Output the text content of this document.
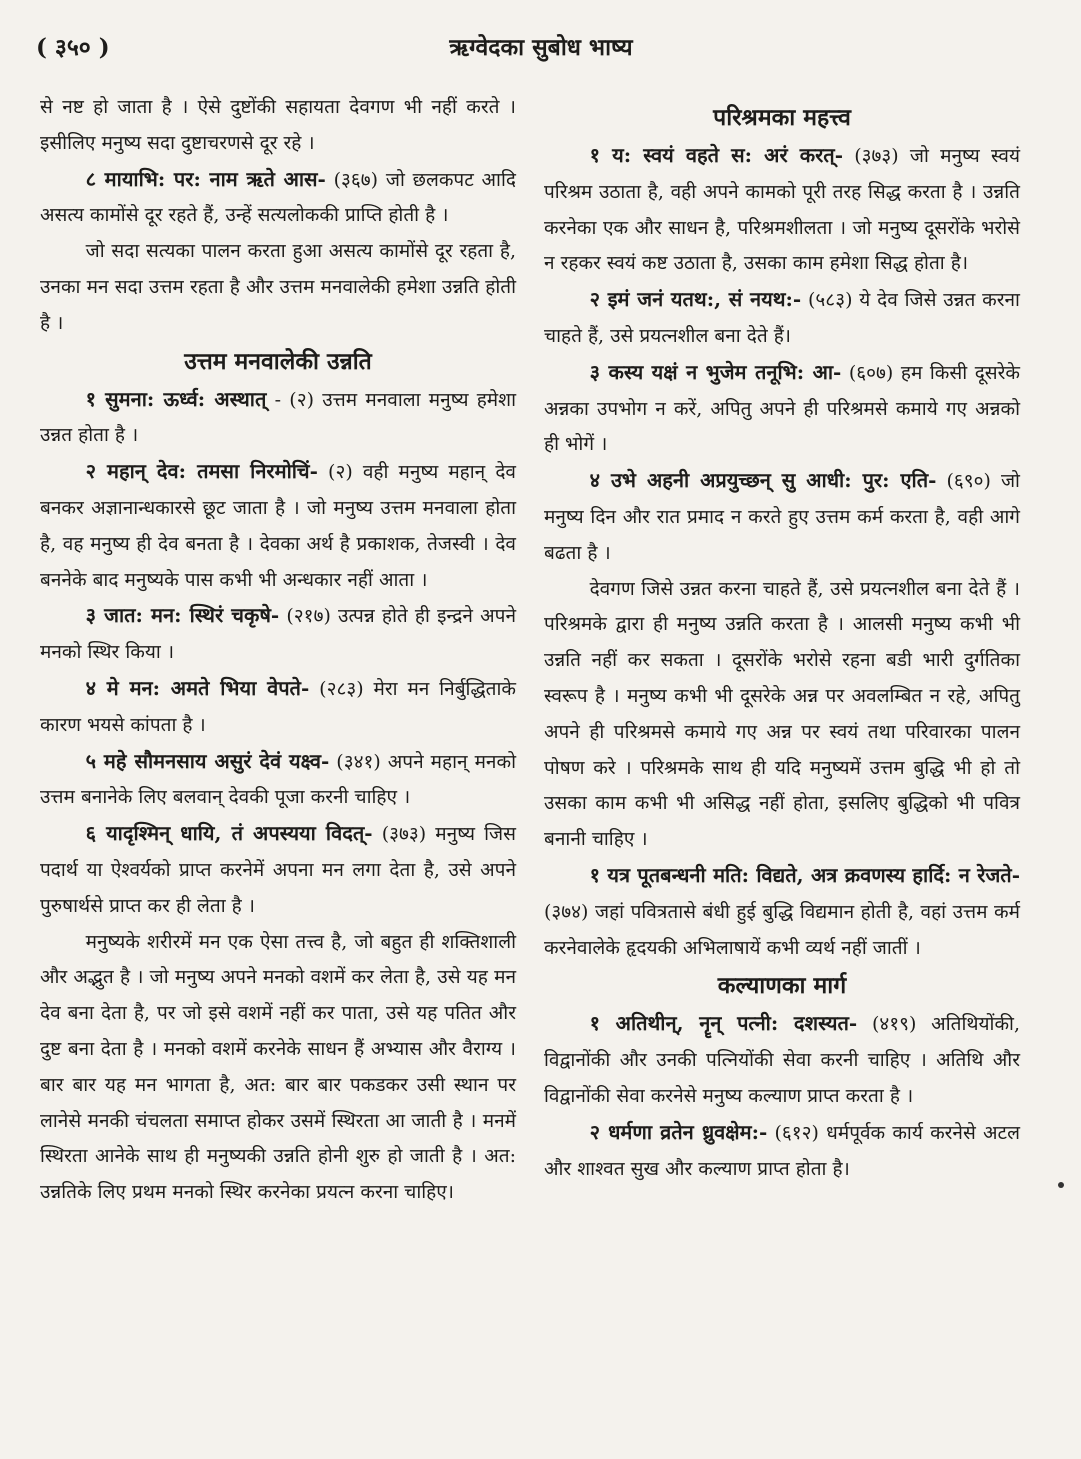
( ३५० )	ऋग्वेदका सुबोध भाष्य

से नष्ट हो जाता है । ऐसे दुष्टोंकी सहायता देवगण भी नहीं करते । इसीलिए मनुष्य सदा दुष्टाचरणसे दूर रहे ।

८ मायाभि: पर: नाम ऋते आस- (३६७) जो छलकपट आदि असत्य कामोंसे दूर रहते हैं, उन्हें सत्यलोककी प्राप्ति होती है ।

जो सदा सत्यका पालन करता हुआ असत्य कामोंसे दूर रहता है, उनका मन सदा उत्तम रहता है और उत्तम मनवालेकी हमेशा उन्नति होती है ।

उत्तम मनवालेकी उन्नति

१ सुमना: ऊर्ध्व: अस्थात् - (२) उत्तम मनवाला मनुष्य हमेशा उन्नत होता है ।

२ महान् देव: तमसा निरमोचिं- (२) वही मनुष्य महान् देव बनकर अज्ञानान्धकारसे छूट जाता है । जो मनुष्य उत्तम मनवाला होता है, वह मनुष्य ही देव बनता है । देवका अर्थ है प्रकाशक, तेजस्वी । देव बननेके बाद मनुष्यके पास कभी भी अन्धकार नहीं आता ।

३ जात: मन: स्थिरं चकृषे- (२१७) उत्पन्न होते ही इन्द्रने अपने मनको स्थिर किया ।

४ मे मन: अमते भिया वेपते- (२८३) मेरा मन निर्बुद्धिताके कारण भयसे कांपता है ।

५ महे सौमनसाय असुरं देवं यक्ष्व- (३४१) अपने महान् मनको उत्तम बनानेके लिए बलवान् देवकी पूजा करनी चाहिए ।

६ यादृश्मिन् धायि, तं अपस्यया विदत्- (३७३) मनुष्य जिस पदार्थ या ऐश्वर्यको प्राप्त करनेमें अपना मन लगा देता है, उसे अपने पुरुषार्थसे प्राप्त कर ही लेता है ।

मनुष्यके शरीरमें मन एक ऐसा तत्त्व है, जो बहुत ही शक्तिशाली और अद्भुत है । जो मनुष्य अपने मनको वशमें कर लेता है, उसे यह मन देव बना देता है, पर जो इसे वशमें नहीं कर पाता, उसे यह पतित और दुष्ट बना देता है । मनको वशमें करनेके साधन हैं अभ्यास और वैराग्य । बार बार यह मन भागता है, अत: बार बार पकडकर उसी स्थान पर लानेसे मनकी चंचलता समाप्त होकर उसमें स्थिरता आ जाती है । मनमें स्थिरता आनेके साथ ही मनुष्यकी उन्नति होनी शुरु हो जाती है । अत: उन्नतिके लिए प्रथम मनको स्थिर करनेका प्रयत्न करना चाहिए।

परिश्रमका महत्त्व

१ य: स्वयं वहते स: अरं करत्- (३७३) जो मनुष्य स्वयं परिश्रम उठाता है, वही अपने कामको पूरी तरह सिद्ध करता है । उन्नति करनेका एक और साधन है, परिश्रमशीलता । जो मनुष्य दूसरोंके भरोसे न रहकर स्वयं कष्ट उठाता है, उसका काम हमेशा सिद्ध होता है।

२ इमं जनं यतथ:, सं नयथ:- (५८३) ये देव जिसे उन्नत करना चाहते हैं, उसे प्रयत्नशील बना देते हैं।

३ कस्य यक्षं न भुजेम तनूभि: आ- (६०७) हम किसी दूसरेके अन्नका उपभोग न करें, अपितु अपने ही परिश्रमसे कमाये गए अन्नको ही भोगें ।

४ उभे अहनी अप्रयुच्छन् सु आधी: पुर: एति- (६९०) जो मनुष्य दिन और रात प्रमाद न करते हुए उत्तम कर्म करता है, वही आगे बढता है ।

देवगण जिसे उन्नत करना चाहते हैं, उसे प्रयत्नशील बना देते हैं । परिश्रमके द्वारा ही मनुष्य उन्नति करता है । आलसी मनुष्य कभी भी उन्नति नहीं कर सकता । दूसरोंके भरोसे रहना बडी भारी दुर्गतिका स्वरूप है । मनुष्य कभी भी दूसरेके अन्न पर अवलम्बित न रहे, अपितु अपने ही परिश्रमसे कमाये गए अन्न पर स्वयं तथा परिवारका पालन पोषण करे । परिश्रमके साथ ही यदि मनुष्यमें उत्तम बुद्धि भी हो तो उसका काम कभी भी असिद्ध नहीं होता, इसलिए बुद्धिको भी पवित्र बनानी चाहिए ।

१ यत्र पूतबन्धनी मति: विद्यते, अत्र क्रवणस्य हार्दि: न रेजते- (३७४) जहां पवित्रतासे बंधी हुई बुद्धि विद्यमान होती है, वहां उत्तम कर्म करनेवालेके हृदयकी अभिलाषायें कभी व्यर्थ नहीं जातीं ।

कल्याणका मार्ग

१ अतिथीन्, नॄन् पत्नी: दशस्यत- (४१९) अतिथियोंकी, विद्वानोंकी और उनकी पत्नियोंकी सेवा करनी चाहिए । अतिथि और विद्वानोंकी सेवा करनेसे मनुष्य कल्याण प्राप्त करता है ।

२ धर्मणा व्रतेन ध्रुवक्षेम:- (६१२) धर्मपूर्वक कार्य करनेसे अटल और शाश्वत सुख और कल्याण प्राप्त होता है।
